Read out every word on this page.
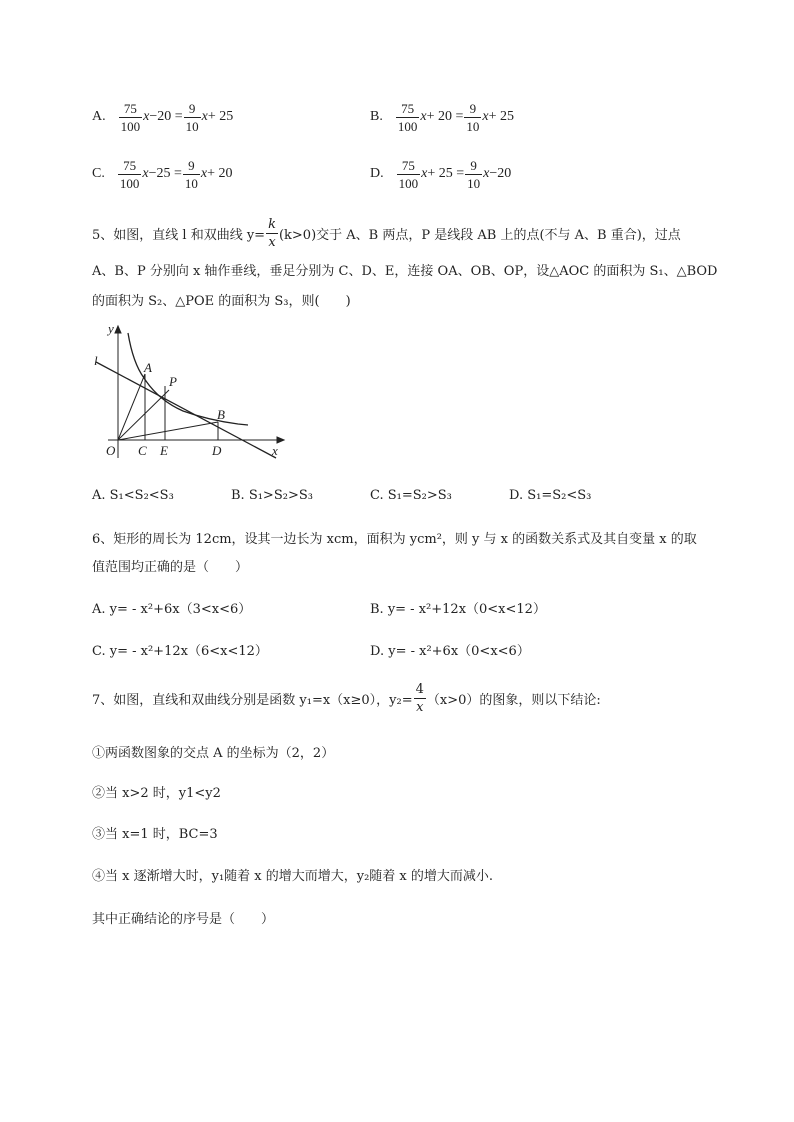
A. $\frac{75}{100}$ $x -20 = \frac{9}{10}$ x + 25	B. $\frac{75}{100}$ $x + 20 = \frac{9}{10}$ x + 25
C. $\frac{75}{100}$ $x -25 = \frac{9}{10}$ x + 20	D. $\frac{75}{100}$ $x + 25 = \frac{9}{10}$ x −20
5、如图，直线 l 和双曲线 $y= \frac{k}{x} (k>0)$交于 A、B 两点，P 是线段 AB 上的点(不与 A、B 重合)，过点
A、B、P 分别向 x 轴作垂线，垂足分别为 C、D、E，连接 OA、OB、OP，设△AOC 的面积为 S₁、△BOD
的面积为 S₂、△POE 的面积为 S₃，则(　　)
y
l	A
P
B
O C E	D	x
A. S₁<S₂<S₃	B. S₁>S₂>S₃	C. S₁=S₂>S₃	D. S₁=S₂<S₃
6、矩形的周长为 12cm，设其一边长为 xcm，面积为 ycm²，则 y 与 x 的函数关系式及其自变量 x 的取
值范围均正确的是（　　）
A. y= - x²+6x（3<x<6）	B. y= - x²+12x（0<x<12）
C. y= - x²+12x（6<x<12）	D. y= - x²+6x（0<x<6）
7、如图，直线和双曲线分别是函数 y₁=x（x≥0），$y_2= \frac{4}{x} (x>0)$的图象，则以下结论:
①两函数图象的交点 A 的坐标为（2，2）
②当 x>2 时，y1<y2
③当 x=1 时，BC=3
④当 x 逐渐增大时，y₁随着 x 的增大而增大，y₂随着 x 的增大而减小.
其中正确结论的序号是（　　）
